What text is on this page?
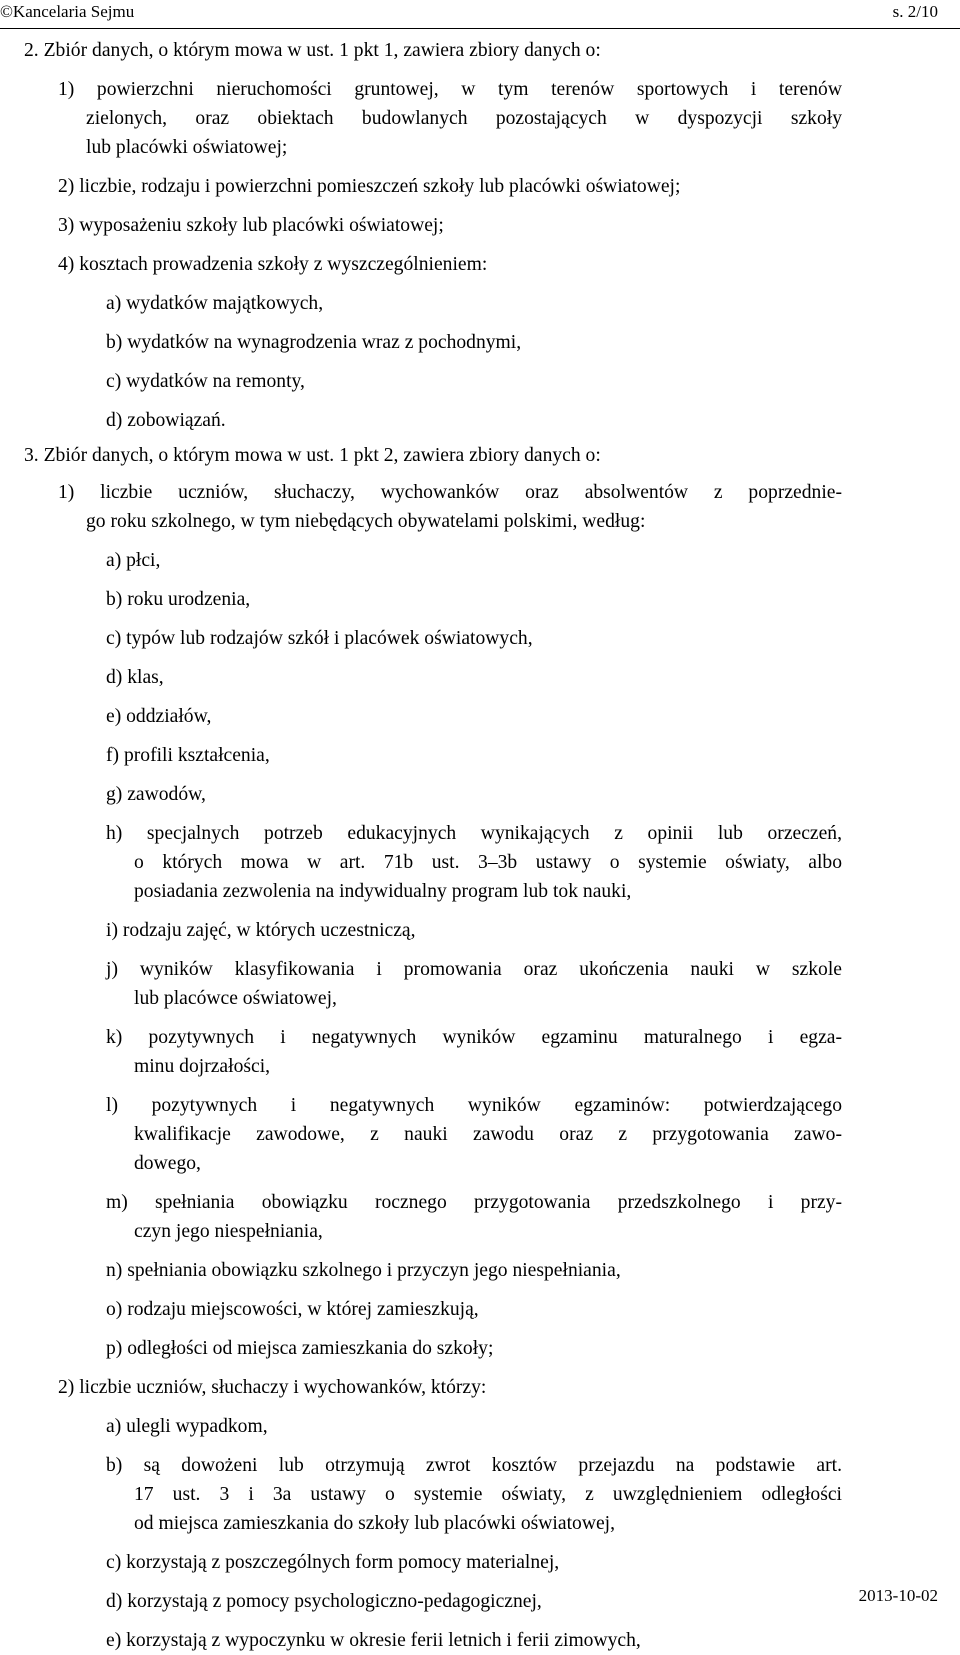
©Kancelaria Sejmu	s. 2/10
2. Zbiór danych, o którym mowa w ust. 1 pkt 1, zawiera zbiory danych o:
1) powierzchni nieruchomości gruntowej, w tym terenów sportowych i terenów
zielonych, oraz obiektach budowlanych pozostających w dyspozycji szkoły
lub placówki oświatowej;
2) liczbie, rodzaju i powierzchni pomieszczeń szkoły lub placówki oświatowej;
3) wyposażeniu szkoły lub placówki oświatowej;
4) kosztach prowadzenia szkoły z wyszczególnieniem:
a) wydatków majątkowych,
b) wydatków na wynagrodzenia wraz z pochodnymi,
c) wydatków na remonty,
d) zobowiązań.
3. Zbiór danych, o którym mowa w ust. 1 pkt 2, zawiera zbiory danych o:
1) liczbie uczniów, słuchaczy, wychowanków oraz absolwentów z poprzednie-
go roku szkolnego, w tym niebędących obywatelami polskimi, według:
a) płci,
b) roku urodzenia,
c) typów lub rodzajów szkół i placówek oświatowych,
d) klas,
e) oddziałów,
f) profili kształcenia,
g) zawodów,
h) specjalnych potrzeb edukacyjnych wynikających z opinii lub orzeczeń,
o których mowa w art. 71b ust. 3–3b ustawy o systemie oświaty, albo
posiadania zezwolenia na indywidualny program lub tok nauki,
i) rodzaju zajęć, w których uczestniczą,
j) wyników klasyfikowania i promowania oraz ukończenia nauki w szkole
lub placówce oświatowej,
k) pozytywnych i negatywnych wyników egzaminu maturalnego i egza-
minu dojrzałości,
l) pozytywnych i negatywnych wyników egzaminów: potwierdzającego
kwalifikacje zawodowe, z nauki zawodu oraz z przygotowania zawo-
dowego,
m) spełniania obowiązku rocznego przygotowania przedszkolnego i przy-
czyn jego niespełniania,
n) spełniania obowiązku szkolnego i przyczyn jego niespełniania,
o) rodzaju miejscowości, w której zamieszkują,
p) odległości od miejsca zamieszkania do szkoły;
2) liczbie uczniów, słuchaczy i wychowanków, którzy:
a) ulegli wypadkom,
b) są dowożeni lub otrzymują zwrot kosztów przejazdu na podstawie art.
17 ust. 3 i 3a ustawy o systemie oświaty, z uwzględnieniem odległości
od miejsca zamieszkania do szkoły lub placówki oświatowej,
c) korzystają z poszczególnych form pomocy materialnej,
d) korzystają z pomocy psychologiczno-pedagogicznej,
e) korzystają z wypoczynku w okresie ferii letnich i ferii zimowych,
2013-10-02
